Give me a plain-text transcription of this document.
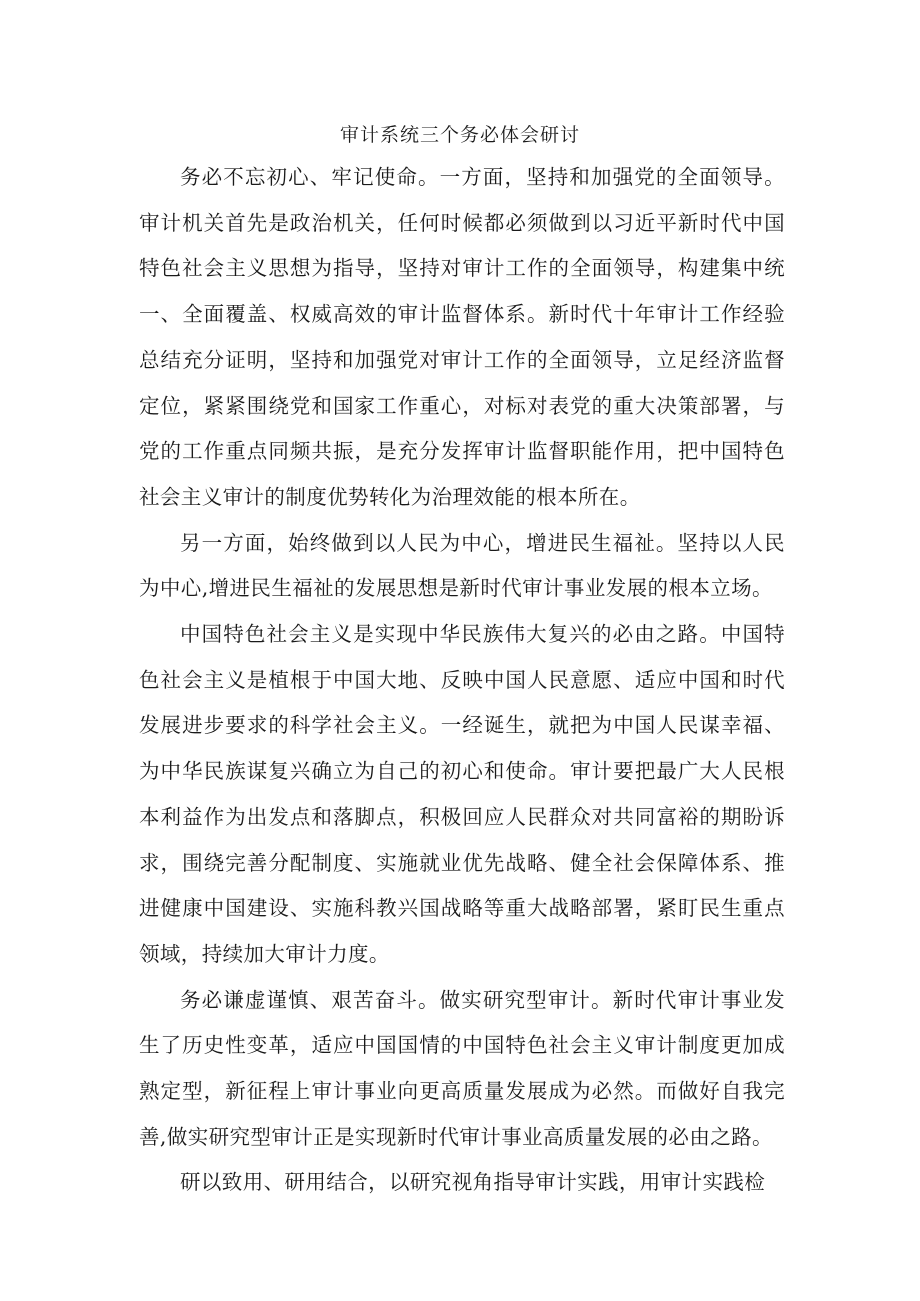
审计系统三个务必体会研讨

务必不忘初心、牢记使命。一方面，坚持和加强党的全面领导。审计机关首先是政治机关，任何时候都必须做到以习近平新时代中国特色社会主义思想为指导，坚持对审计工作的全面领导，构建集中统一、全面覆盖、权威高效的审计监督体系。新时代十年审计工作经验总结充分证明，坚持和加强党对审计工作的全面领导，立足经济监督定位，紧紧围绕党和国家工作重心，对标对表党的重大决策部署，与党的工作重点同频共振，是充分发挥审计监督职能作用，把中国特色社会主义审计的制度优势转化为治理效能的根本所在。

另一方面，始终做到以人民为中心，增进民生福祉。坚持以人民为中心,增进民生福祉的发展思想是新时代审计事业发展的根本立场。

中国特色社会主义是实现中华民族伟大复兴的必由之路。中国特色社会主义是植根于中国大地、反映中国人民意愿、适应中国和时代发展进步要求的科学社会主义。一经诞生，就把为中国人民谋幸福、为中华民族谋复兴确立为自己的初心和使命。审计要把最广大人民根本利益作为出发点和落脚点，积极回应人民群众对共同富裕的期盼诉求，围绕完善分配制度、实施就业优先战略、健全社会保障体系、推进健康中国建设、实施科教兴国战略等重大战略部署，紧盯民生重点领域，持续加大审计力度。

务必谦虚谨慎、艰苦奋斗。做实研究型审计。新时代审计事业发生了历史性变革，适应中国国情的中国特色社会主义审计制度更加成熟定型，新征程上审计事业向更高质量发展成为必然。而做好自我完善,做实研究型审计正是实现新时代审计事业高质量发展的必由之路。

研以致用、研用结合，以研究视角指导审计实践，用审计实践检
